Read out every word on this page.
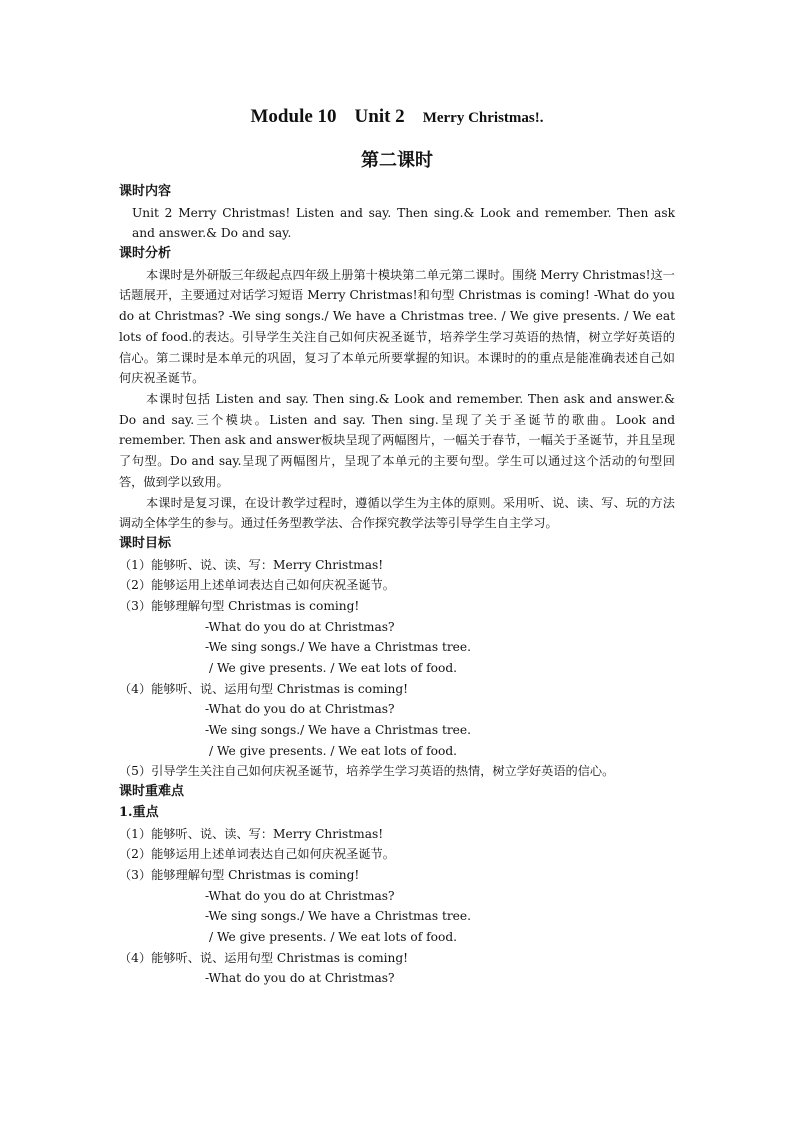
Module 10 Unit 2 Merry Christmas!.
第二课时
课时内容

Unit 2 Merry Christmas! Listen and say. Then sing.& Look and remember. Then ask and answer.& Do and say.

课时分析

本课时是外研版三年级起点四年级上册第十模块第二单元第二课时。围绕 Merry Christmas!这一话题展开，主要通过对话学习短语 Merry Christmas!和句型 Christmas is coming! -What do you do at Christmas? -We sing songs./ We have a Christmas tree. / We give presents. / We eat lots of food.的表达。引导学生关注自己如何庆祝圣诞节，培养学生学习英语的热情，树立学好英语的信心。第二课时是本单元的巩固，复习了本单元所要掌握的知识。本课时的的重点是能准确表述自己如何庆祝圣诞节。

本课时包括 Listen and say. Then sing.& Look and remember. Then ask and answer.& Do and say.三个模块。Listen and say. Then sing.呈现了关于圣诞节的歌曲。Look and remember. Then ask and answer板块呈现了两幅图片，一幅关于春节，一幅关于圣诞节，并且呈现了句型。Do and say.呈现了两幅图片，呈现了本单元的主要句型。学生可以通过这个活动的句型回答，做到学以致用。

本课时是复习课，在设计教学过程时，遵循以学生为主体的原则。采用听、说、读、写、玩的方法调动全体学生的参与。通过任务型教学法、合作探究教学法等引导学生自主学习。

课时目标
（1）能够听、说、读、写：Merry Christmas!
（2）能够运用上述单词表达自己如何庆祝圣诞节。
（3）能够理解句型 Christmas is coming!
-What do you do at Christmas?
-We sing songs./ We have a Christmas tree.
/ We give presents. / We eat lots of food.
（4）能够听、说、运用句型 Christmas is coming!
-What do you do at Christmas?
-We sing songs./ We have a Christmas tree.
/ We give presents. / We eat lots of food.
（5）引导学生关注自己如何庆祝圣诞节，培养学生学习英语的热情，树立学好英语的信心。
课时重难点
1.重点
（1）能够听、说、读、写：Merry Christmas!
（2）能够运用上述单词表达自己如何庆祝圣诞节。
（3）能够理解句型 Christmas is coming!
-What do you do at Christmas?
-We sing songs./ We have a Christmas tree.
/ We give presents. / We eat lots of food.
（4）能够听、说、运用句型 Christmas is coming!
-What do you do at Christmas?
